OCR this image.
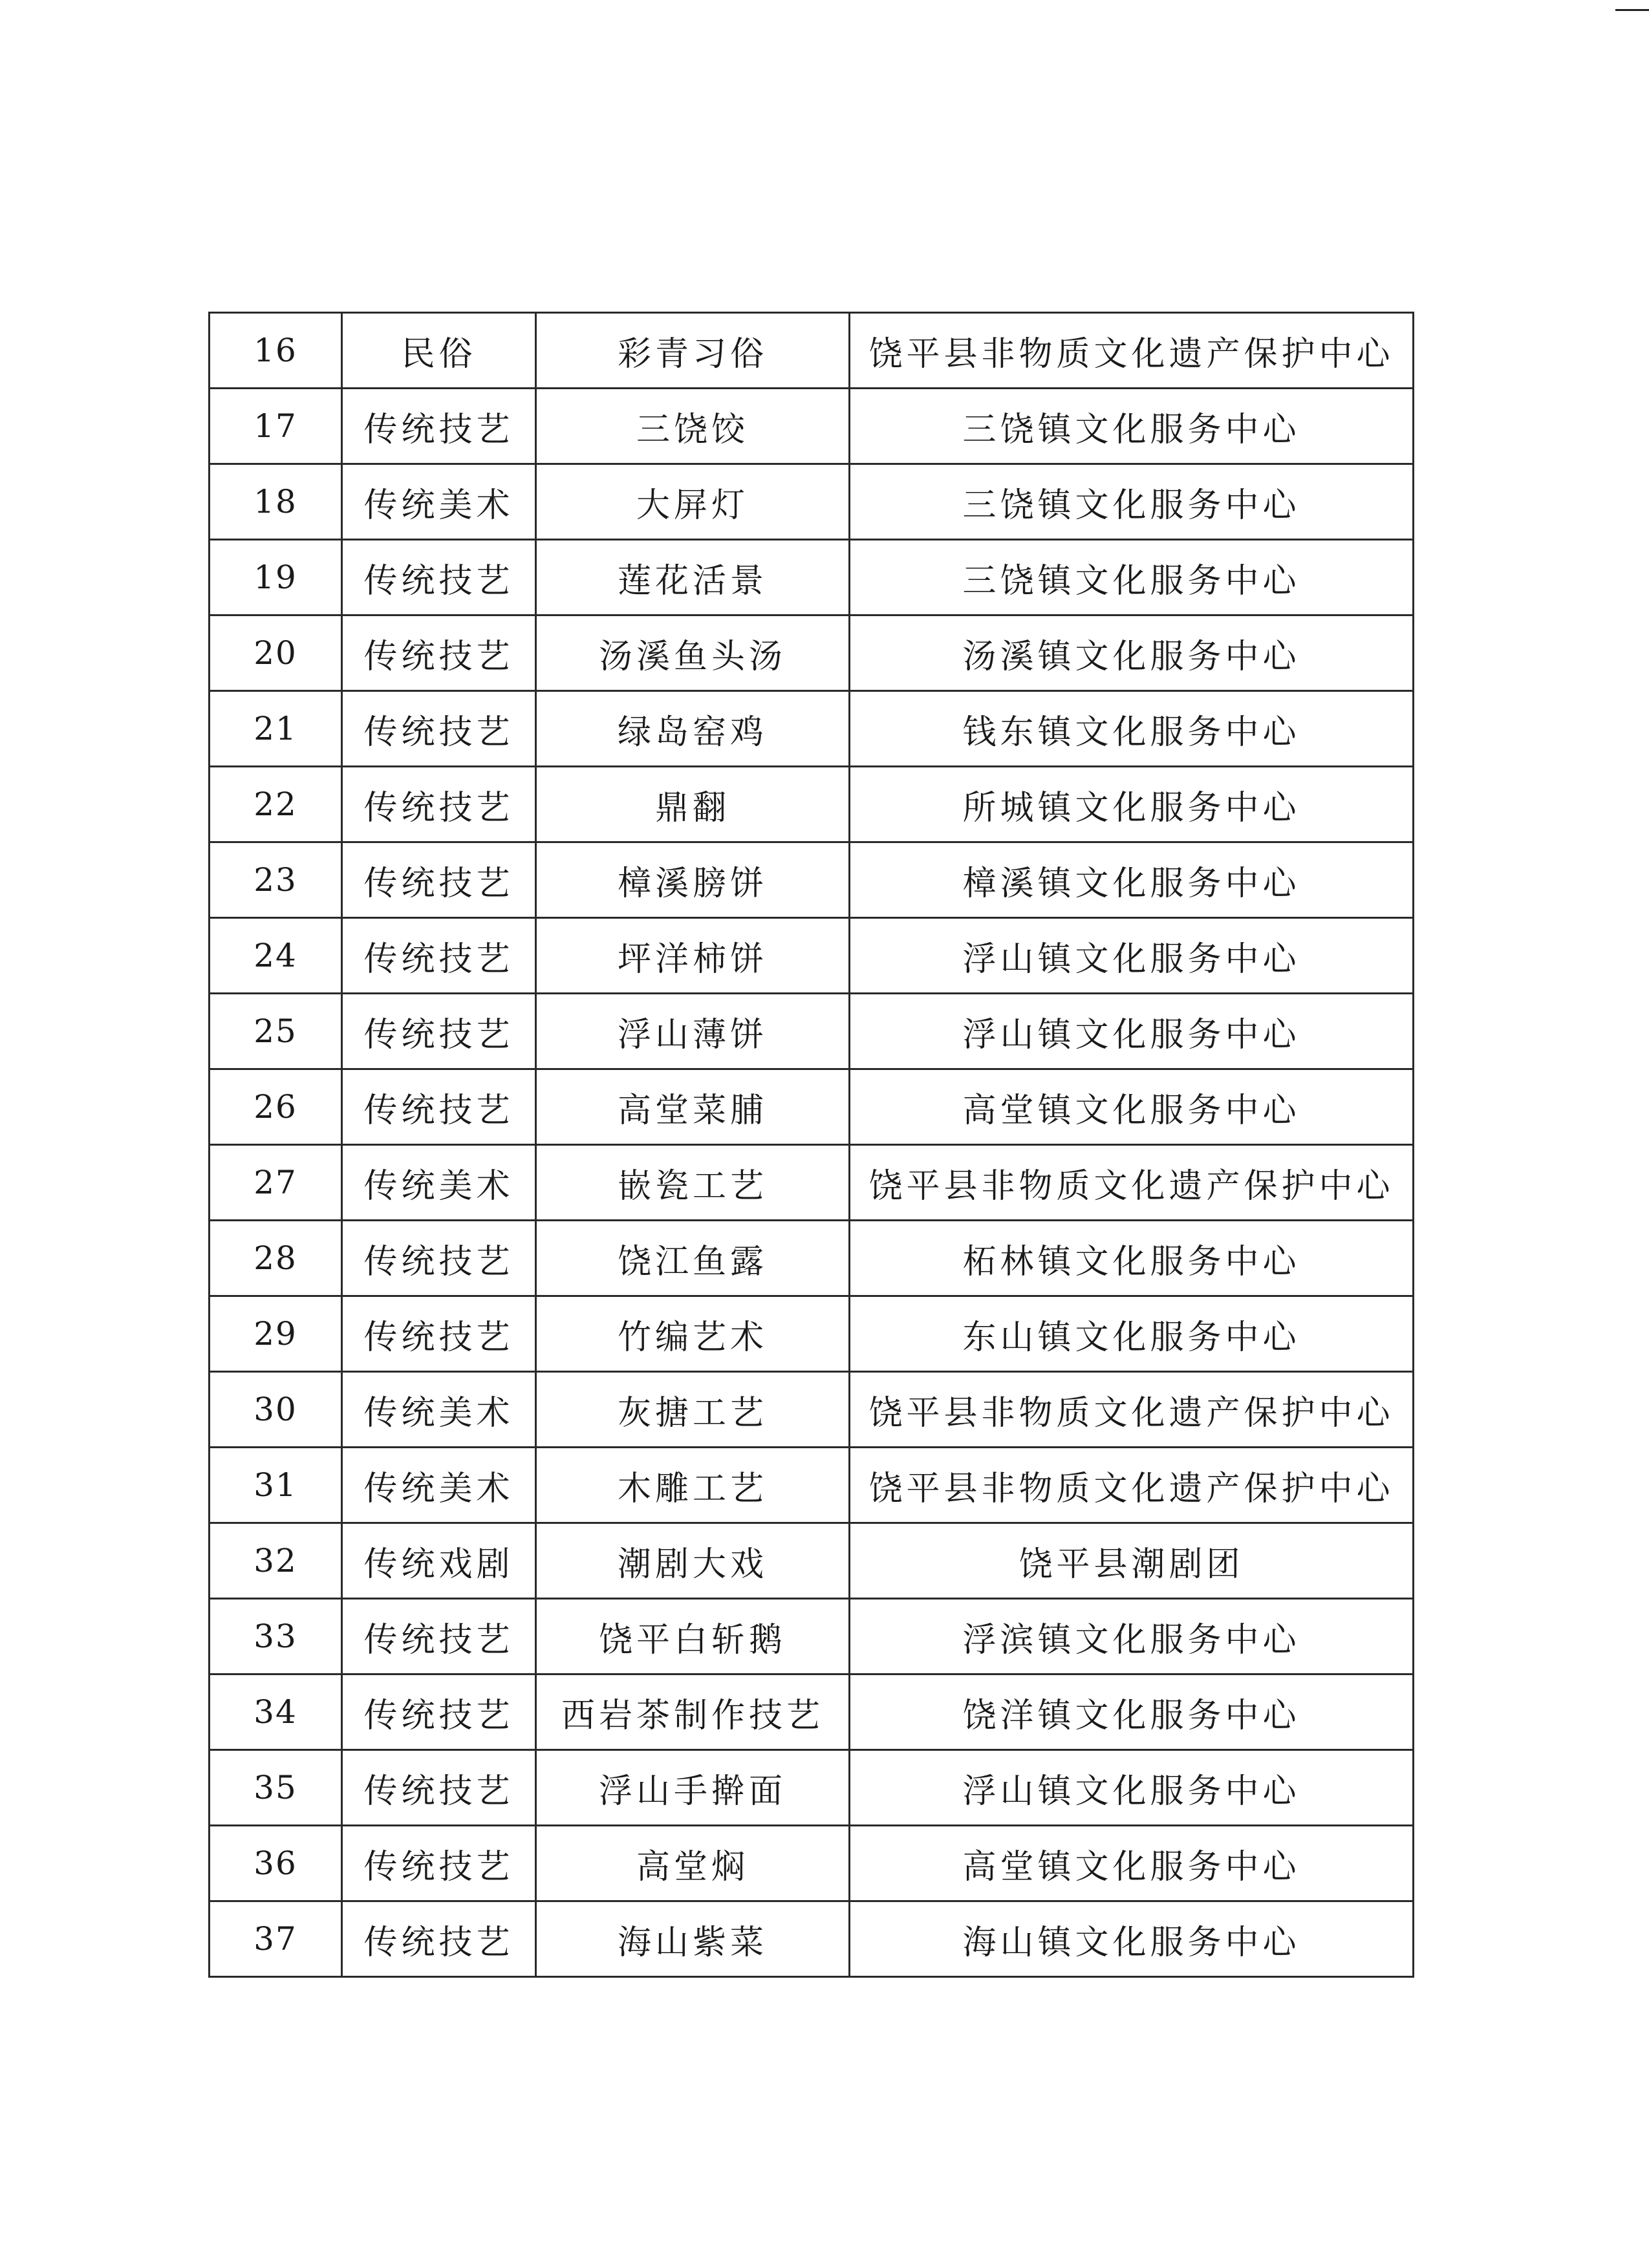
16	民俗	彩青习俗	饶平县非物质文化遗产保护中心
17	传统技艺	三饶饺	三饶镇文化服务中心
18	传统美术	大屏灯	三饶镇文化服务中心
19	传统技艺	莲花活景	三饶镇文化服务中心
20	传统技艺	汤溪鱼头汤	汤溪镇文化服务中心
21	传统技艺	绿岛窑鸡	钱东镇文化服务中心
22	传统技艺	鼎翻	所城镇文化服务中心
23	传统技艺	樟溪膀饼	樟溪镇文化服务中心
24	传统技艺	坪洋柿饼	浮山镇文化服务中心
25	传统技艺	浮山薄饼	浮山镇文化服务中心
26	传统技艺	高堂菜脯	高堂镇文化服务中心
27	传统美术	嵌瓷工艺	饶平县非物质文化遗产保护中心
28	传统技艺	饶江鱼露	柘林镇文化服务中心
29	传统技艺	竹编艺术	东山镇文化服务中心
30	传统美术	灰搪工艺	饶平县非物质文化遗产保护中心
31	传统美术	木雕工艺	饶平县非物质文化遗产保护中心
32	传统戏剧	潮剧大戏	饶平县潮剧团
33	传统技艺	饶平白斩鹅	浮滨镇文化服务中心
34	传统技艺	西岩茶制作技艺	饶洋镇文化服务中心
35	传统技艺	浮山手擀面	浮山镇文化服务中心
36	传统技艺	高堂焖	高堂镇文化服务中心
37	传统技艺	海山紫菜	海山镇文化服务中心
